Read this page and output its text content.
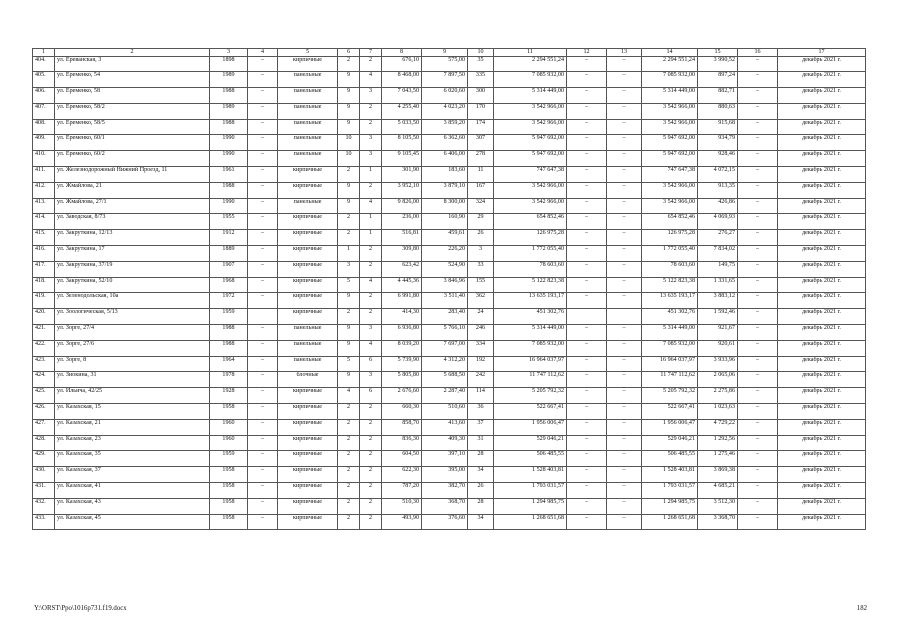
1	2	3	4	5	6	7	8	9	10	11	12	13	14	15	16	17
404.	ул. Ереванская, 3	1898	–	кирпичные	2	2	676,10	575,00	35	2 294 551,24	–	–	2 294 551,24	3 990,52	–	декабрь 2021 г.
405.	ул. Еременко, 54	1989	–	панельные	9	4	8 468,00	7 897,50	335	7 085 932,00	–	–	7 085 932,00	897,24	–	декабрь 2021 г.
406.	ул. Еременко, 58	1988	–	панельные	9	3	7 043,50	6 020,60	300	5 314 449,00	–	–	5 314 449,00	882,71	–	декабрь 2021 г.
407.	ул. Еременко, 58/2	1989	–	панельные	9	2	4 255,40	4 023,20	170	3 542 966,00	–	–	3 542 966,00	880,63	–	декабрь 2021 г.
408.	ул. Еременко, 58/5	1988	–	панельные	9	2	5 033,50	3 859,20	174	3 542 966,00	–	–	3 542 966,00	915,68	–	декабрь 2021 г.
409.	ул. Еременко, 60/1	1990	–	панельные	10	3	8 105,50	6 362,60	307	5 947 692,00	–	–	5 947 692,00	934,79	–	декабрь 2021 г.
410.	ул. Еременко, 60/2	1990	–	панельные	10	3	9 105,45	6 406,00	278	5 947 692,00	–	–	5 947 692,00	928,46	–	декабрь 2021 г.
411.	ул. Железнодорожный Нижний Проезд, 11	1961	–	кирпичные	2	1	301,90	183,60	11	747 647,38	–	–	747 647,38	4 072,15	–	декабрь 2021 г.
412.	ул. Жмайлова, 21	1988	–	кирпичные	9	2	3 952,10	3 879,10	167	3 542 966,00	–	–	3 542 966,00	913,35	–	декабрь 2021 г.
413.	ул. Жмайлова, 27/1	1990	–	панельные	9	4	9 826,00	8 300,00	324	3 542 966,00	–	–	3 542 966,00	426,86	–	декабрь 2021 г.
414.	ул. Заводская, 8/73	1955	–	кирпичные	2	1	236,00	160,90	29	654 852,46	–	–	654 852,46	4 069,93	–	декабрь 2021 г.
415.	ул. Закруткина, 12/13	1912	–	кирпичные	2	1	516,81	459,61	26	126 975,28	–	–	126 975,28	276,27	–	декабрь 2021 г.
416.	ул. Закруткина, 17	1889	–	кирпичные	1	2	309,80	226,20	3	1 772 055,40	–	–	1 772 055,40	7 834,02	–	декабрь 2021 г.
417.	ул. Закруткина, 37/19	1907	–	кирпичные	3	2	623,42	524,90	33	78 603,60	–	–	78 603,60	149,75	–	декабрь 2021 г.
418.	ул. Закруткина, 52/10	1968	–	кирпичные	5	4	4 445,36	3 846,96	155	5 122 823,38	–	–	5 122 823,38	1 331,65	–	декабрь 2021 г.
419.	ул. Зеленодольская, 10а	1972	–	кирпичные	9	2	6 991,80	3 511,40	362	13 635 193,17	–	–	13 635 193,17	3 883,12	–	декабрь 2021 г.
420.	ул. Зоологическая, 5/13	1959		кирпичные	2	2	414,30	283,40	24	451 302,76			451 302,76	1 592,46	–	декабрь 2021 г.
421.	ул. Зорге, 27/4	1988	–	панельные	9	3	6 936,80	5 766,10	246	5 314 449,00	–	–	5 314 449,00	921,67	–	декабрь 2021 г.
422.	ул. Зорге, 27/6	1988	–	панельные	9	4	8 039,20	7 697,00	334	7 085 932,00	–	–	7 085 932,00	920,61	–	декабрь 2021 г.
423.	ул. Зорге, 8	1964	–	панельные	5	6	5 739,90	4 312,20	192	16 964 037,97	–	–	16 964 037,97	3 933,96	–	декабрь 2021 г.
424.	ул. Зиокина, 31	1978	–	блочные	9	3	5 805,80	5 688,50	242	11 747 112,62	–	–	11 747 112,62	2 065,06	–	декабрь 2021 г.
425.	ул. Ильича, 42/25	1928	–	кирпичные	4	6	2 676,60	2 287,40	114	5 205 792,32	–	–	5 205 792,32	2 275,86	–	декабрь 2021 г.
426.	ул. Казахская, 15	1958	–	кирпичные	2	2	660,30	510,60	36	522 667,41	–	–	522 667,41	1 023,63	–	декабрь 2021 г.
427.	ул. Казахская, 21	1960	–	кирпичные	2	2	858,70	413,60	37	1 956 006,47	–	–	1 956 006,47	4 729,22	–	декабрь 2021 г.
428.	ул. Казахская, 23	1960	–	кирпичные	2	2	836,30	409,30	31	529 046,21	–	–	529 046,21	1 292,56	–	декабрь 2021 г.
429.	ул. Казахская, 35	1959	–	кирпичные	2	2	604,50	397,10	28	506 485,55	–	–	506 485,55	1 275,46	–	декабрь 2021 г.
430.	ул. Казахская, 37	1958	–	кирпичные	2	2	622,30	395,00	34	1 528 403,81	–	–	1 528 403,81	3 869,38	–	декабрь 2021 г.
431.	ул. Казахская, 41	1958	–	кирпичные	2	2	787,20	382,70	26	1 793 031,57	–	–	1 793 031,57	4 685,21	–	декабрь 2021 г.
432.	ул. Казахская, 43	1958	–	кирпичные	2	2	510,30	368,70	28	1 294 985,75	–	–	1 294 985,75	3 512,30	–	декабрь 2021 г.
433.	ул. Казахская, 45	1958	–	кирпичные	2	2	493,90	376,60	34	1 268 651,68	–	–	1 268 651,68	3 368,70	–	декабрь 2021 г.
Y:\ORST\Ppo\1016p731.f19.docx	182
